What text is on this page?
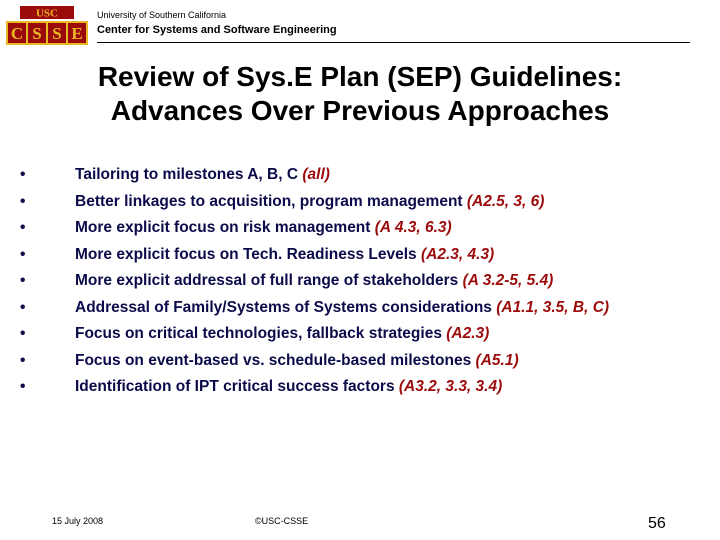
USC
C S S E
University of Southern California
Center for Systems and Software Engineering
Review of Sys.E Plan (SEP) Guidelines:
Advances Over Previous Approaches
•	Tailoring to milestones A, B, C (all)
•	Better linkages to acquisition, program management (A2.5, 3, 6)
•	More explicit focus on risk management (A 4.3, 6.3)
•	More explicit focus on Tech. Readiness Levels (A2.3, 4.3)
•	More explicit addressal of full range of stakeholders (A 3.2-5, 5.4)
•	Addressal of Family/Systems of Systems considerations (A1.1, 3.5, B, C)
•	Focus on critical technologies, fallback strategies (A2.3)
•	Focus on event-based vs. schedule-based milestones (A5.1)
•	Identification of IPT critical success factors (A3.2, 3.3, 3.4)
15 July 2008	©USC-CSSE	56
